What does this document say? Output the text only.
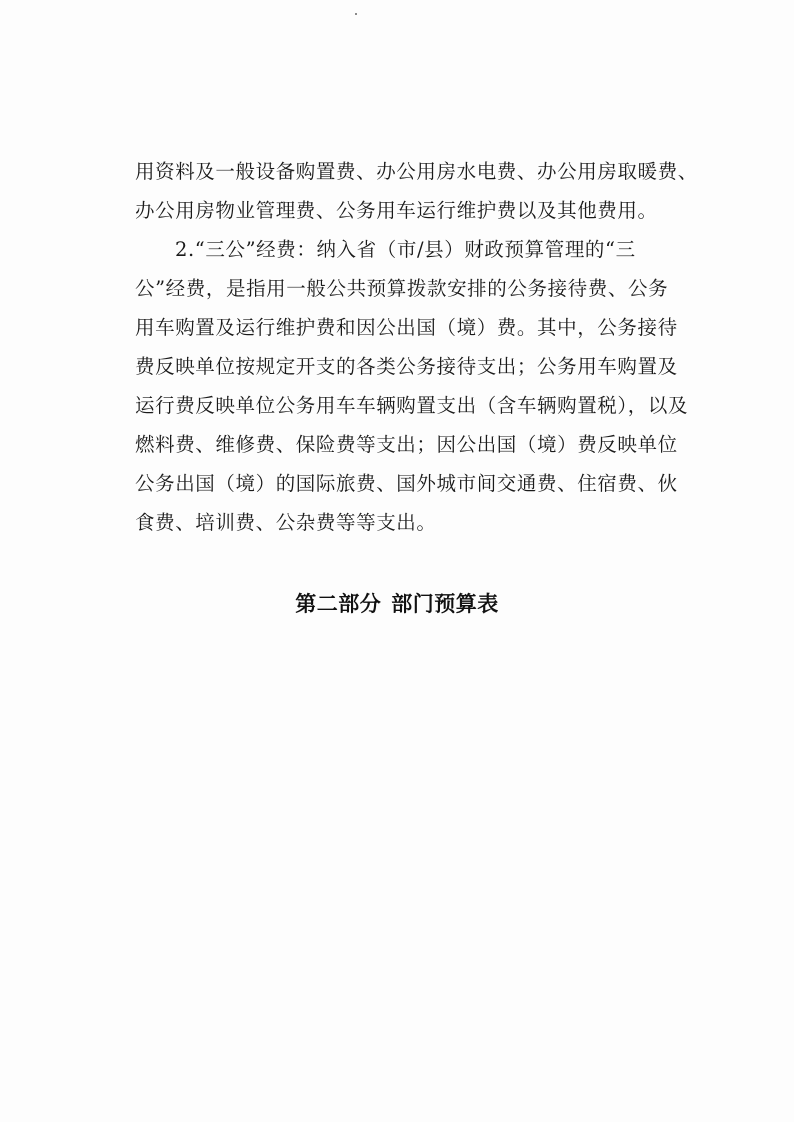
用资料及一般设备购置费、办公用房水电费、办公用房取暖费、
办公用房物业管理费、公务用车运行维护费以及其他费用。
2.“三公”经费：纳入省（市/县）财政预算管理的“三
公”经费，是指用一般公共预算拨款安排的公务接待费、公务
用车购置及运行维护费和因公出国（境）费。其中，公务接待
费反映单位按规定开支的各类公务接待支出；公务用车购置及
运行费反映单位公务用车车辆购置支出（含车辆购置税），以及
燃料费、维修费、保险费等支出；因公出国（境）费反映单位
公务出国（境）的国际旅费、国外城市间交通费、住宿费、伙
食费、培训费、公杂费等等支出。
第二部分 部门预算表
